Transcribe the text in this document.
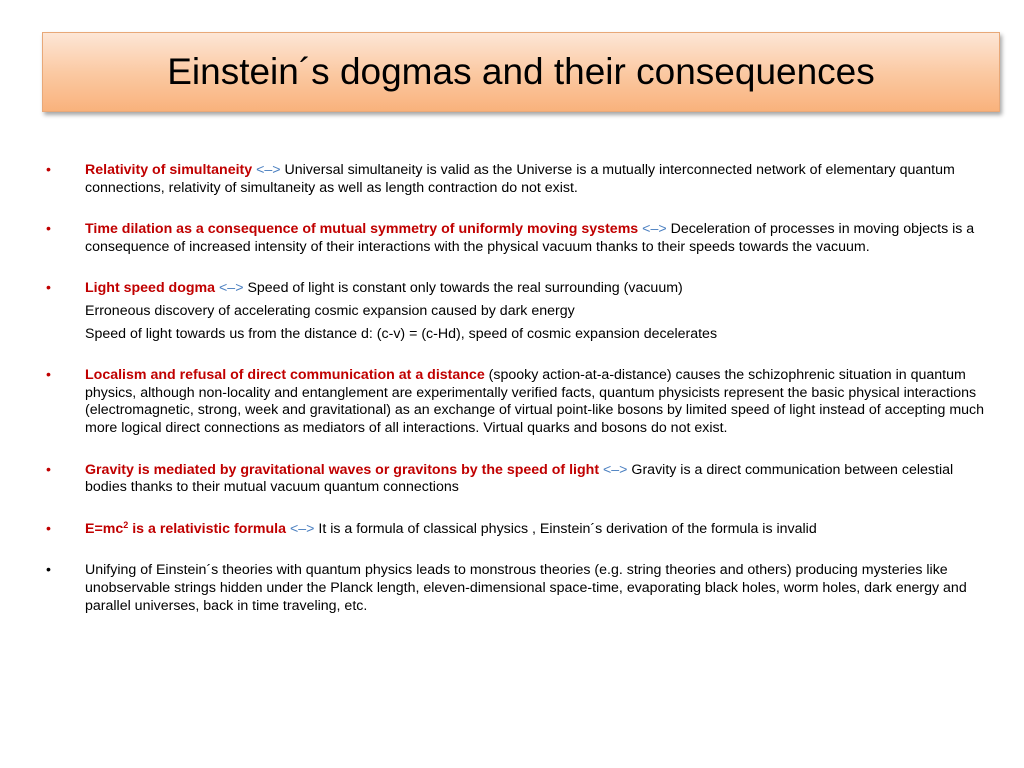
Einstein´s dogmas and their consequences
•	Relativity of simultaneity <–> Universal simultaneity is valid as the Universe is a mutually interconnected network of elementary quantum connections, relativity of simultaneity as well as length contraction do not exist.
•	Time dilation as a consequence of mutual symmetry of uniformly moving systems <–> Deceleration of processes in moving objects is a consequence of increased intensity of their interactions with the physical vacuum thanks to their speeds towards the vacuum.
•	Light speed dogma <–> Speed of light is constant only towards the real surrounding (vacuum)
Erroneous discovery of accelerating cosmic expansion caused by dark energy
Speed of light towards us from the distance d: (c-v) = (c-Hd), speed of cosmic expansion decelerates
•	Localism and refusal of direct communication at a distance (spooky action-at-a-distance) causes the schizophrenic situation in quantum physics, although non-locality and entanglement are experimentally verified facts, quantum physicists represent the basic physical interactions (electromagnetic, strong, week and gravitational) as an exchange of virtual point-like bosons by limited speed of light instead of accepting much more logical direct connections as mediators of all interactions. Virtual quarks and bosons do not exist.
•	Gravity is mediated by gravitational waves or gravitons by the speed of light <–> Gravity is a direct communication between celestial bodies thanks to their mutual vacuum quantum connections
•	$E=mc^2$ is a relativistic formula <–> It is a formula of classical physics , Einstein´s derivation of the formula is invalid
•	Unifying of Einstein´s theories with quantum physics leads to monstrous theories (e.g. string theories and others) producing mysteries like unobservable strings hidden under the Planck length, eleven-dimensional space-time, evaporating black holes, worm holes, dark energy and parallel universes, back in time traveling, etc.
